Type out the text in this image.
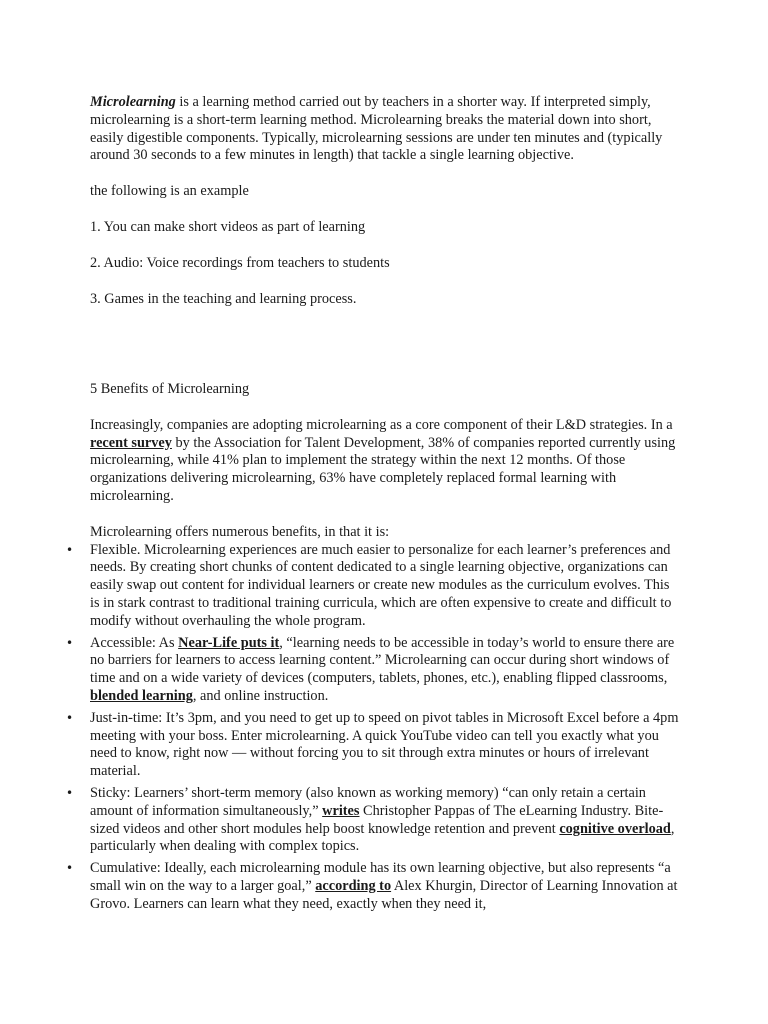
Microlearning is a learning method carried out by teachers in a shorter way. If interpreted simply, microlearning is a short-term learning method. Microlearning breaks the material down into short, easily digestible components. Typically, microlearning sessions are under ten minutes and (typically around 30 seconds to a few minutes in length) that tackle a single learning objective.

the following is an example

1. You can make short videos as part of learning

2. Audio: Voice recordings from teachers to students

3. Games in the teaching and learning process.

5 Benefits of Microlearning

Increasingly, companies are adopting microlearning as a core component of their L&D strategies. In a recent survey by the Association for Talent Development, 38% of companies reported currently using microlearning, while 41% plan to implement the strategy within the next 12 months. Of those organizations delivering microlearning, 63% have completely replaced formal learning with microlearning.

Microlearning offers numerous benefits, in that it is:

• Flexible. Microlearning experiences are much easier to personalize for each learner’s preferences and needs. By creating short chunks of content dedicated to a single learning objective, organizations can easily swap out content for individual learners or create new modules as the curriculum evolves. This is in stark contrast to traditional training curricula, which are often expensive to create and difficult to modify without overhauling the whole program.
• Accessible: As Near-Life puts it, “learning needs to be accessible in today’s world to ensure there are no barriers for learners to access learning content.” Microlearning can occur during short windows of time and on a wide variety of devices (computers, tablets, phones, etc.), enabling flipped classrooms, blended learning, and online instruction.
• Just-in-time: It’s 3pm, and you need to get up to speed on pivot tables in Microsoft Excel before a 4pm meeting with your boss. Enter microlearning. A quick YouTube video can tell you exactly what you need to know, right now — without forcing you to sit through extra minutes or hours of irrelevant material.
• Sticky: Learners’ short-term memory (also known as working memory) “can only retain a certain amount of information simultaneously,” writes Christopher Pappas of The eLearning Industry. Bite-sized videos and other short modules help boost knowledge retention and prevent cognitive overload, particularly when dealing with complex topics.
• Cumulative: Ideally, each microlearning module has its own learning objective, but also represents “a small win on the way to a larger goal,” according to Alex Khurgin, Director of Learning Innovation at Grovo. Learners can learn what they need, exactly when they need it,
